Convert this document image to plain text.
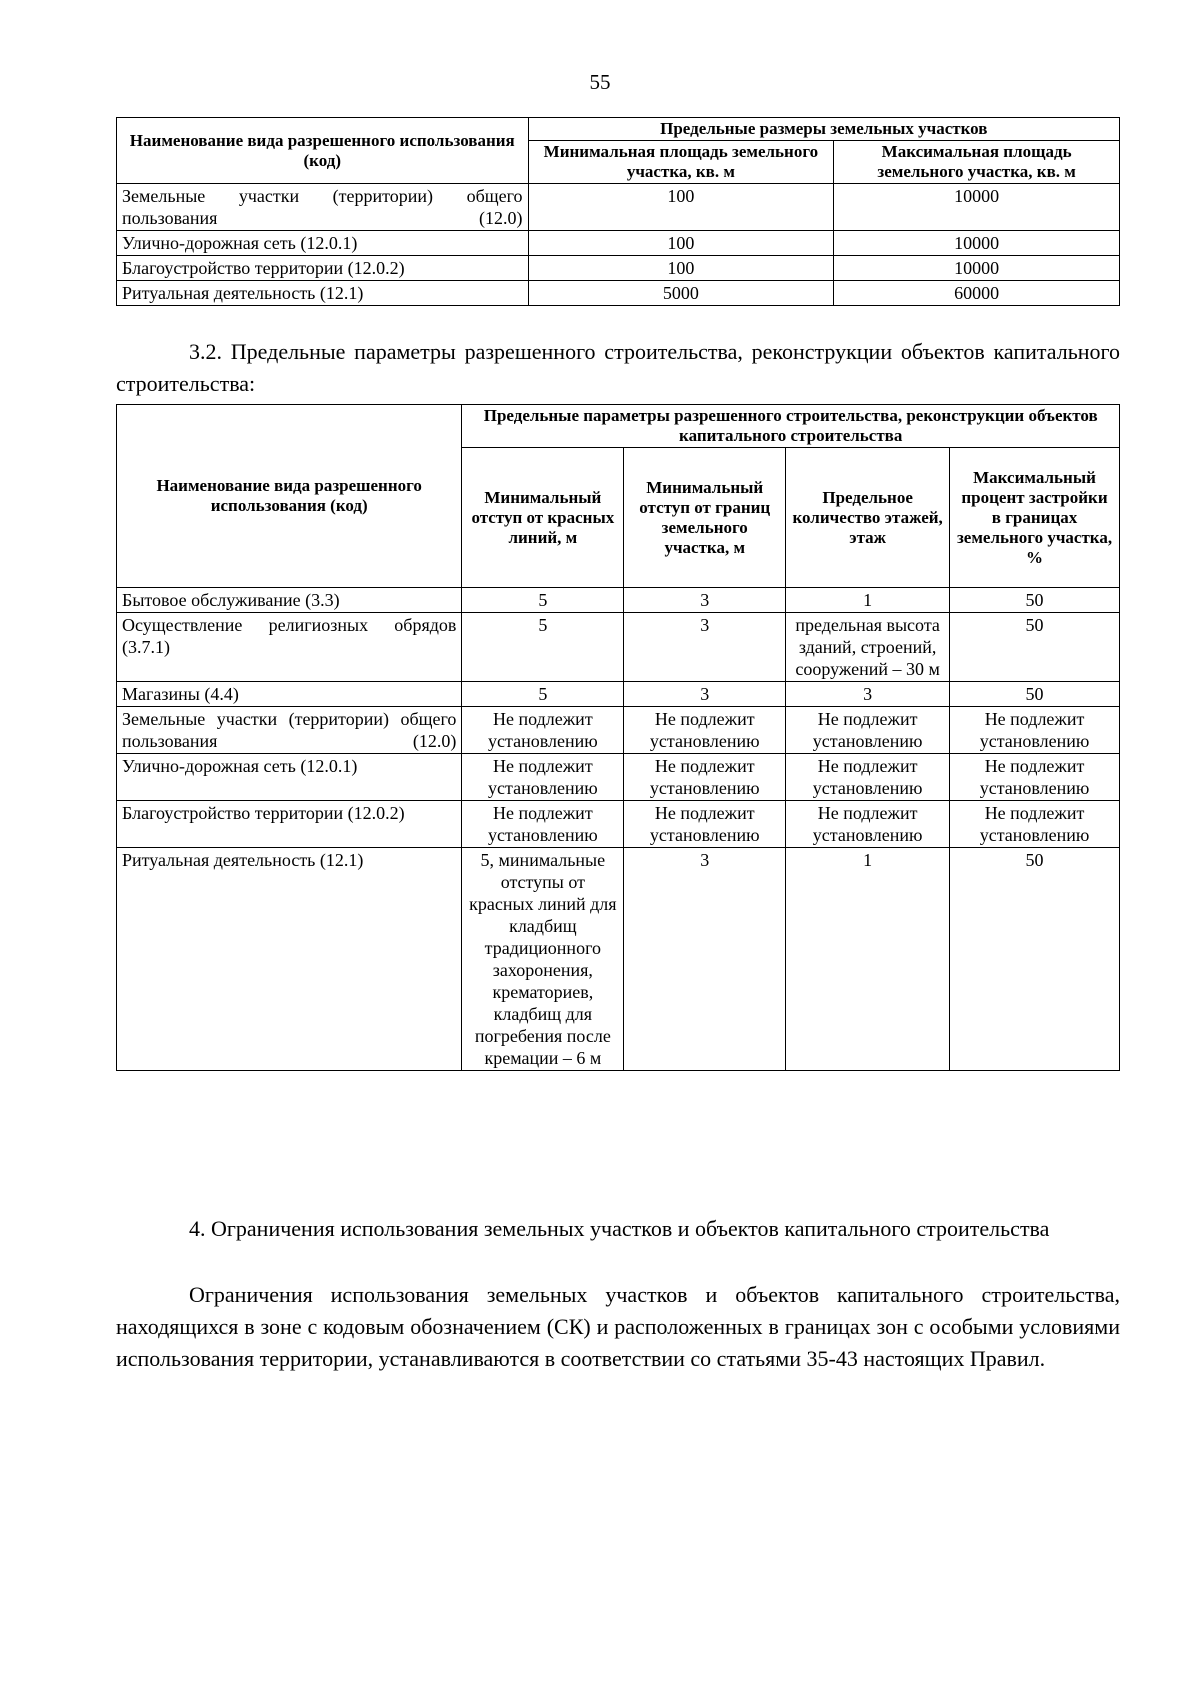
55
Наименование вида разрешенного использования (код)	Предельные размеры земельных участков	
	Минимальная площадь земельного участка, кв. м	Максимальная площадь земельного участка, кв. м
Земельные участки (территории) общего пользования (12.0)	100	10000
Улично-дорожная сеть (12.0.1)	100	10000
Благоустройство территории (12.0.2)	100	10000
Ритуальная деятельность (12.1)	5000	60000
3.2. Предельные параметры разрешенного строительства, реконструкции объектов капитального строительства:
Наименование вида разрешенного использования (код)	Предельные параметры разрешенного строительства, реконструкции объектов капитального строительства			
	Минимальный отступ от красных линий, м	Минимальный отступ от границ земельного участка, м	Предельное количество этажей, этаж	Максимальный процент застройки в границах земельного участка, %
Бытовое обслуживание (3.3)	5	3	1	50
Осуществление религиозных обрядов (3.7.1)	5	3	предельная высота зданий, строений, сооружений – 30 м	50
Магазины (4.4)	5	3	3	50
Земельные участки (территории) общего пользования (12.0)	Не подлежит установлению	Не подлежит установлению	Не подлежит установлению	Не подлежит установлению
Улично-дорожная сеть (12.0.1)	Не подлежит установлению	Не подлежит установлению	Не подлежит установлению	Не подлежит установлению
Благоустройство территории (12.0.2)	Не подлежит установлению	Не подлежит установлению	Не подлежит установлению	Не подлежит установлению
Ритуальная деятельность (12.1)	5, минимальные отступы от красных линий для кладбищ традиционного захоронения, крематориев, кладбищ для погребения после кремации – 6 м	3	1	50
4. Ограничения использования земельных участков и объектов капитального строительства
Ограничения использования земельных участков и объектов капитального строительства, находящихся в зоне с кодовым обозначением (СК) и расположенных в границах зон с особыми условиями использования территории, устанавливаются в соответствии со статьями 35-43 настоящих Правил.
